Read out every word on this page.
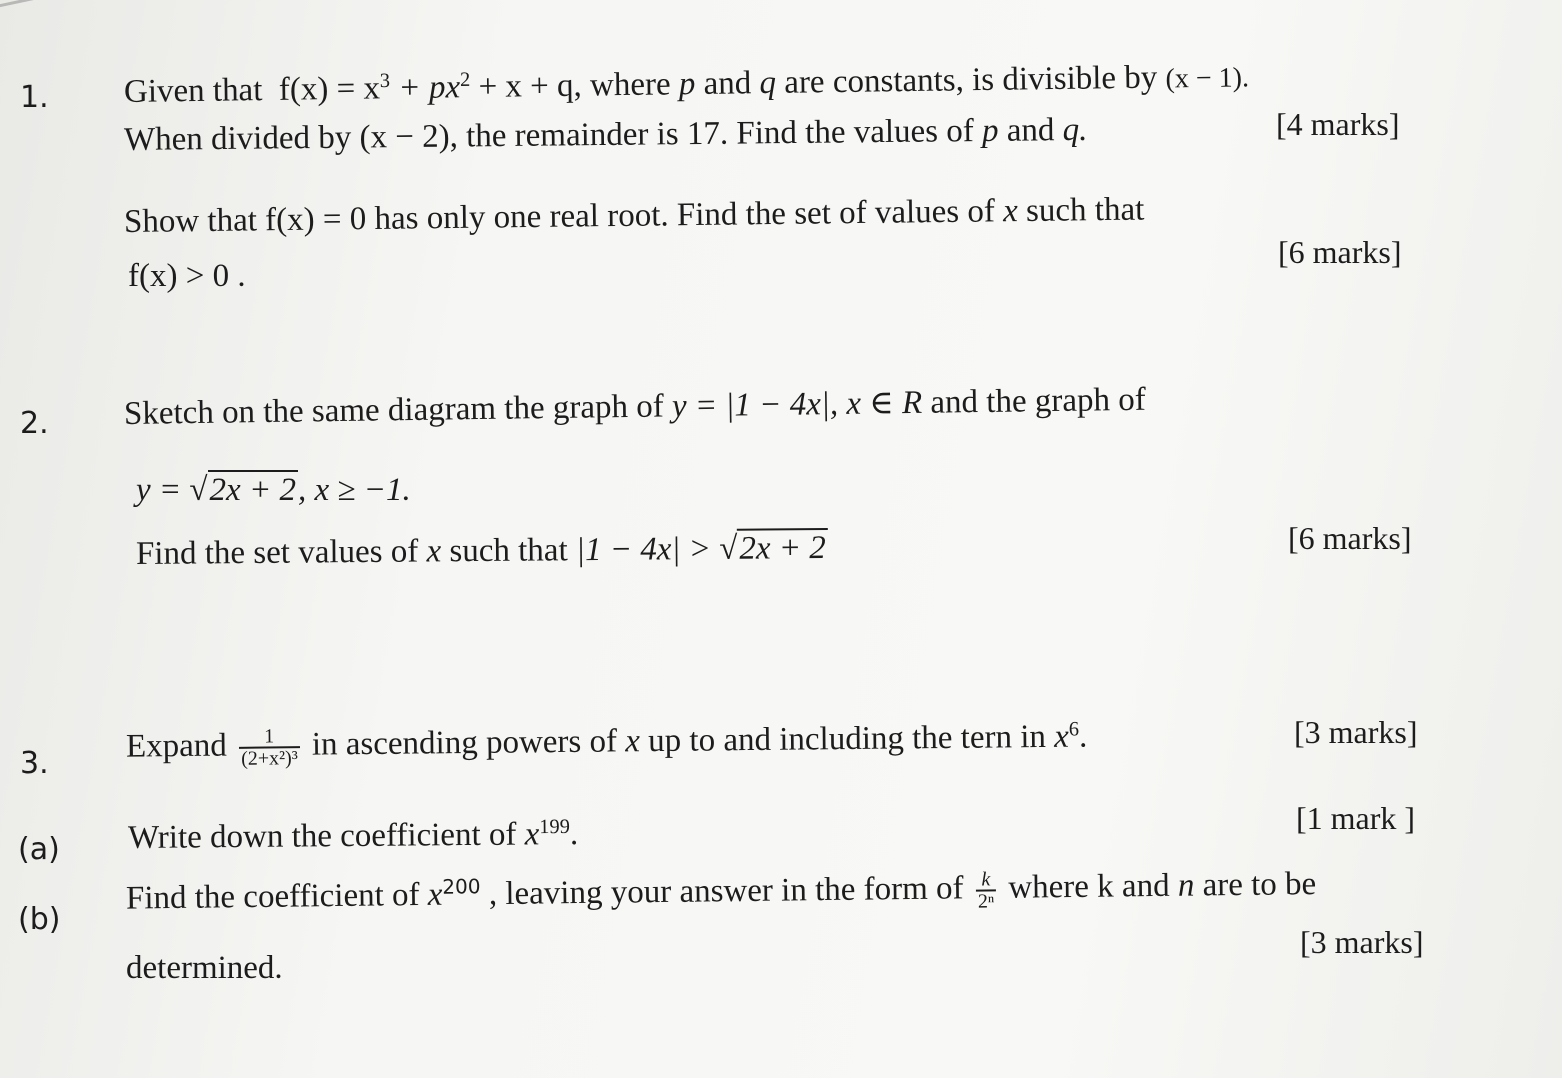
1. Given that $f(x) = x^3 + px^2 + x + q$, where p and q are constants, is divisible by (x − 1).
When divided by (x − 2), the remainder is 17. Find the values of p and q.	[4 marks]
Show that f(x) = 0 has only one real root. Find the set of values of x such that
f(x) > 0 .
[6 marks]
2. Sketch on the same diagram the graph of y = |1 − 4x|, x ∈ R and the graph of
y = √2x + 2, x ≥ −1.
Find the set values of x such that |1 − 4x| > √2x + 2	[6 marks]
3. Expand $\frac{1}{\text{(2+x²)³}}$ in ascending powers of x up to and including the tern in $x^6$.	[3 marks]
(a) Write down the coefficient of $x^{199}$.	[1 mark ]
(b)
Find the coefficient of $x^{200}$ , leaving your answer in the form of $\frac{k}{\text{2ⁿ}}$ where k and n are to be
determined.
[3 marks]
